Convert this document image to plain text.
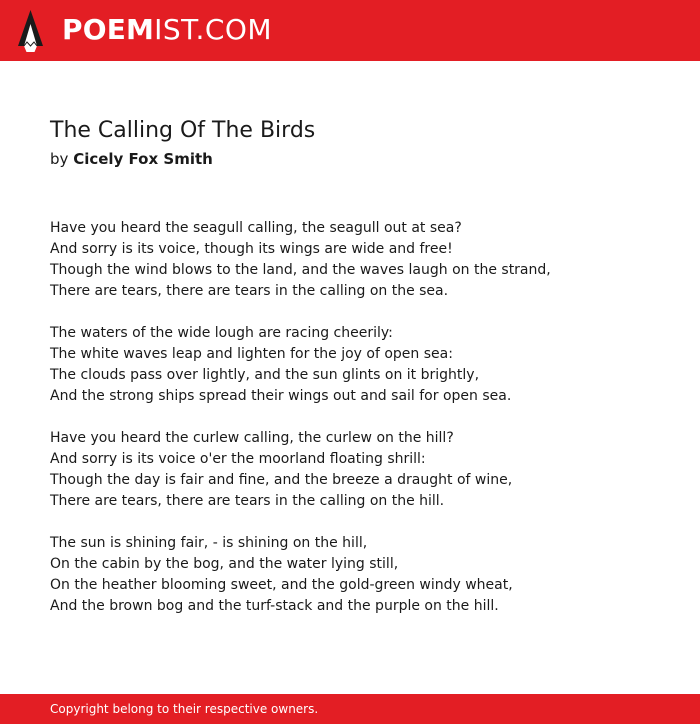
POEMIST.COM
The Calling Of The Birds
by Cicely Fox Smith

Have you heard the seagull calling, the seagull out at sea?
And sorry is its voice, though its wings are wide and free!
Though the wind blows to the land, and the waves laugh on the strand,
There are tears, there are tears in the calling on the sea.

The waters of the wide lough are racing cheerily:
The white waves leap and lighten for the joy of open sea:
The clouds pass over lightly, and the sun glints on it brightly,
And the strong ships spread their wings out and sail for open sea.

Have you heard the curlew calling, the curlew on the hill?
And sorry is its voice o'er the moorland floating shrill:
Though the day is fair and fine, and the breeze a draught of wine,
There are tears, there are tears in the calling on the hill.

The sun is shining fair, - is shining on the hill,
On the cabin by the bog, and the water lying still,
On the heather blooming sweet, and the gold-green windy wheat,
And the brown bog and the turf-stack and the purple on the hill.

Copyright belong to their respective owners.
